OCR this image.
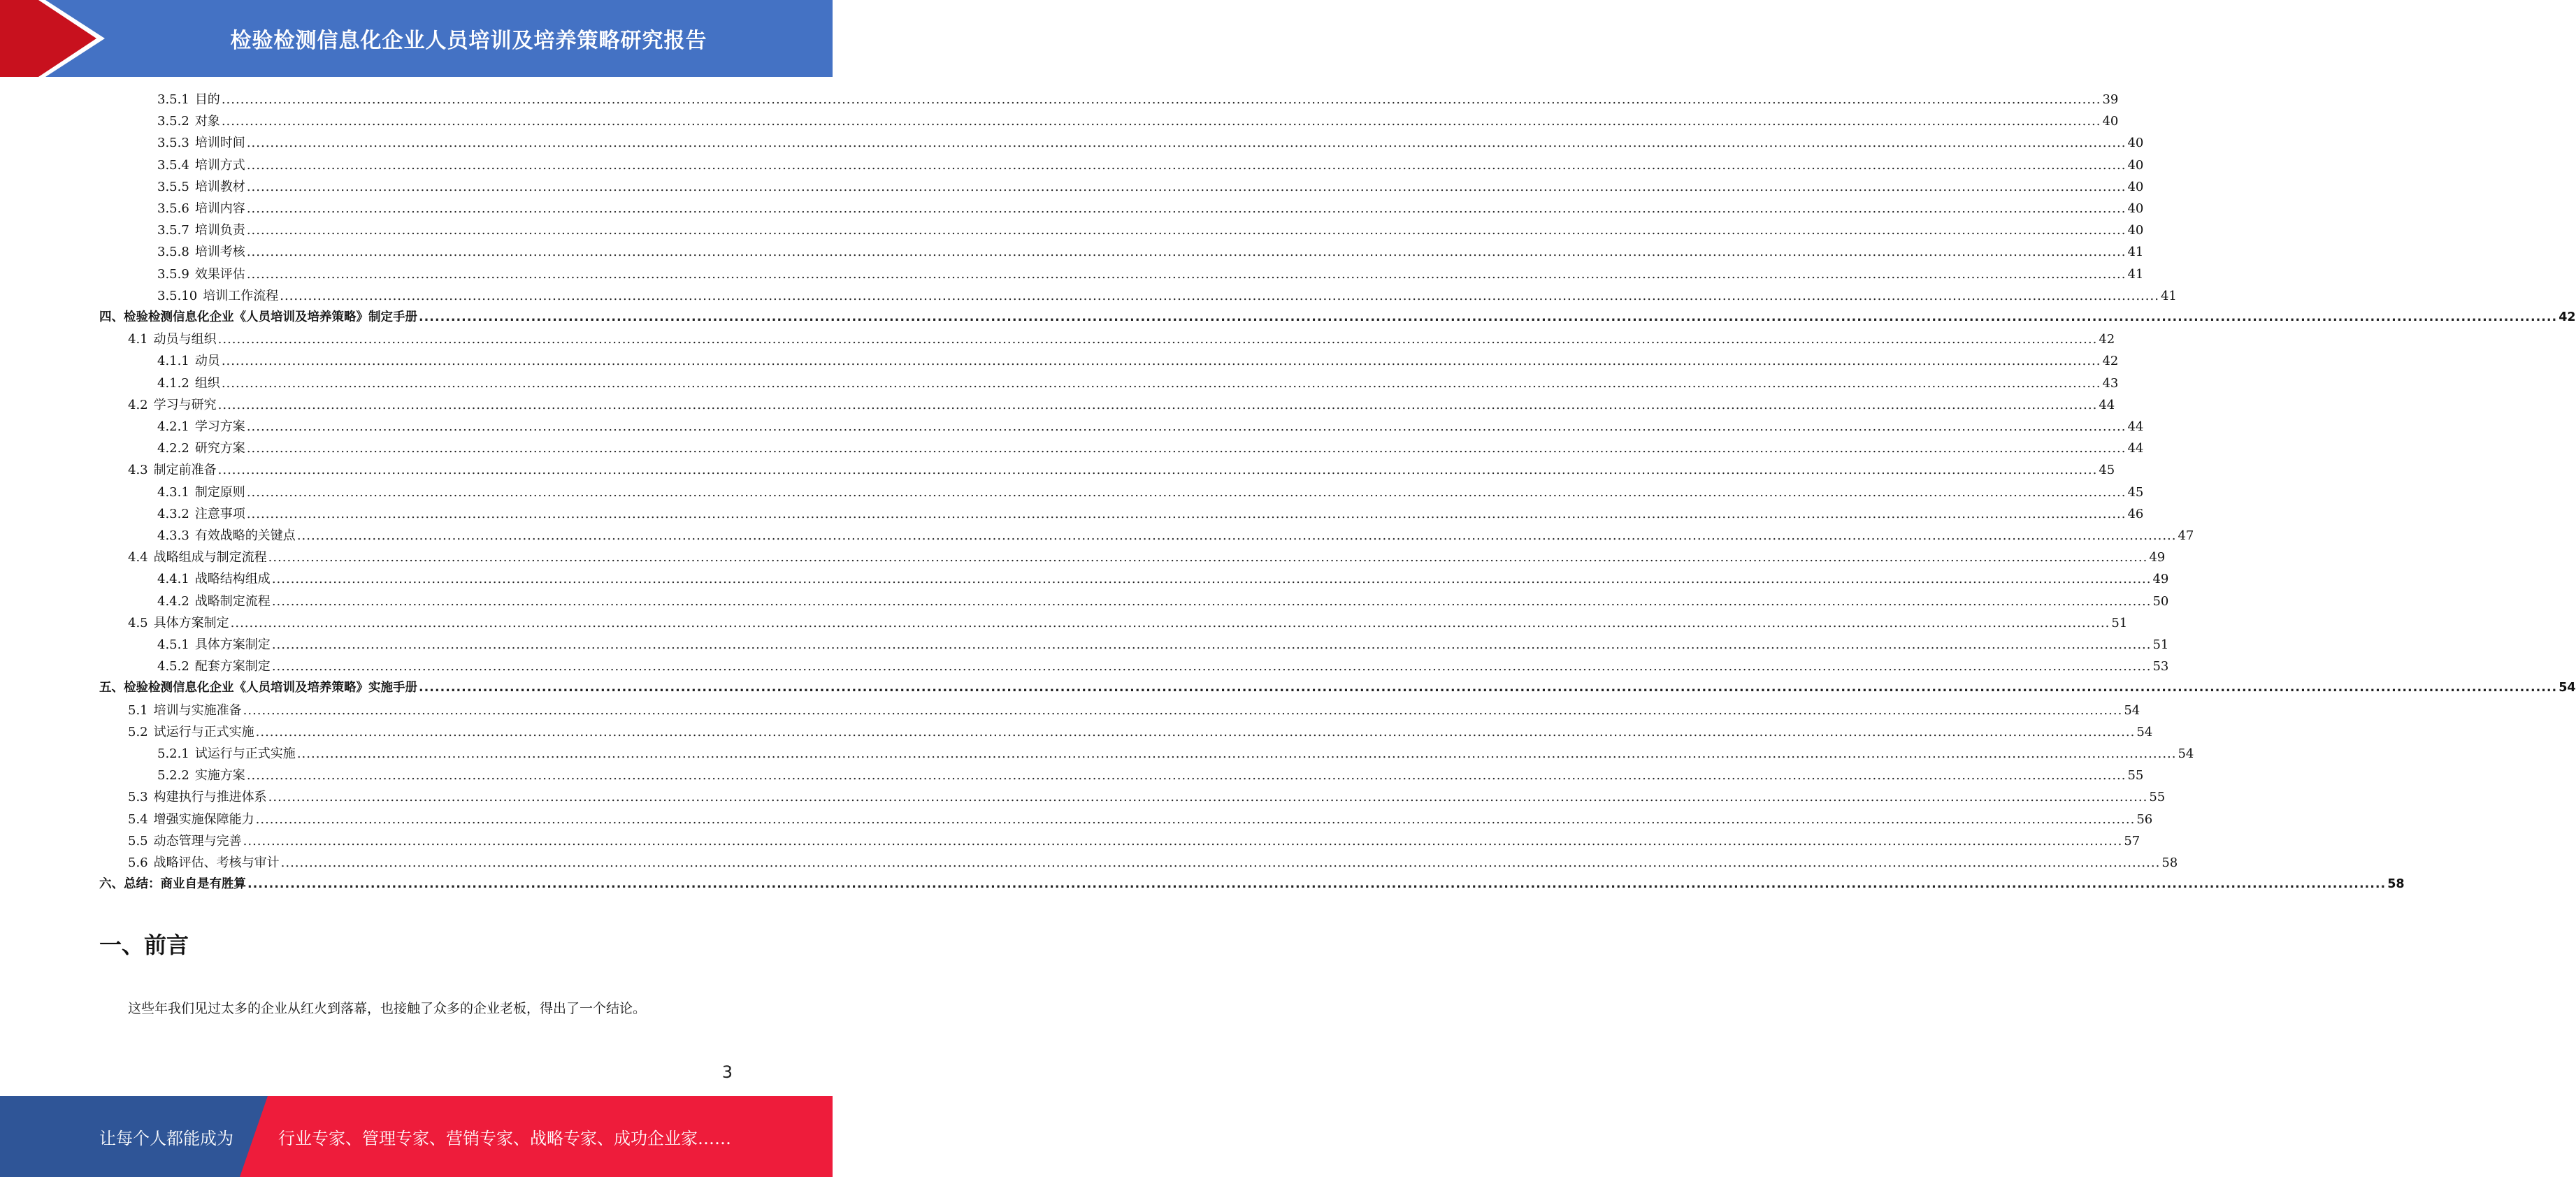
检验检测信息化企业人员培训及培养策略研究报告
3.5.1 目的 ................................................................................................................................................................................................................................................................................................................................................................................................................ 39
3.5.2 对象 ................................................................................................................................................................................................................................................................................................................................................................................................................ 40
3.5.3 培训时间 ................................................................................................................................................................................................................................................................................................................................................................................................................ 40
3.5.4 培训方式 ................................................................................................................................................................................................................................................................................................................................................................................................................ 40
3.5.5 培训教材 ................................................................................................................................................................................................................................................................................................................................................................................................................ 40
3.5.6 培训内容 ................................................................................................................................................................................................................................................................................................................................................................................................................ 40
3.5.7 培训负责 ................................................................................................................................................................................................................................................................................................................................................................................................................ 40
3.5.8 培训考核 ................................................................................................................................................................................................................................................................................................................................................................................................................ 41
3.5.9 效果评估 ................................................................................................................................................................................................................................................................................................................................................................................................................ 41
3.5.10 培训工作流程 ................................................................................................................................................................................................................................................................................................................................................................................................................ 41
四、检验检测信息化企业《人员培训及培养策略》制定手册 ................................................................................................................................................................................................................................................................................................................................................................................................................ 42
4.1 动员与组织 ................................................................................................................................................................................................................................................................................................................................................................................................................ 42
4.1.1 动员 ................................................................................................................................................................................................................................................................................................................................................................................................................ 42
4.1.2 组织 ................................................................................................................................................................................................................................................................................................................................................................................................................ 43
4.2 学习与研究 ................................................................................................................................................................................................................................................................................................................................................................................................................ 44
4.2.1 学习方案 ................................................................................................................................................................................................................................................................................................................................................................................................................ 44
4.2.2 研究方案 ................................................................................................................................................................................................................................................................................................................................................................................................................ 44
4.3 制定前准备 ................................................................................................................................................................................................................................................................................................................................................................................................................ 45
4.3.1 制定原则 ................................................................................................................................................................................................................................................................................................................................................................................................................ 45
4.3.2 注意事项 ................................................................................................................................................................................................................................................................................................................................................................................................................ 46
4.3.3 有效战略的关键点 ................................................................................................................................................................................................................................................................................................................................................................................................................ 47
4.4 战略组成与制定流程 ................................................................................................................................................................................................................................................................................................................................................................................................................ 49
4.4.1 战略结构组成 ................................................................................................................................................................................................................................................................................................................................................................................................................ 49
4.4.2 战略制定流程 ................................................................................................................................................................................................................................................................................................................................................................................................................ 50
4.5 具体方案制定 ................................................................................................................................................................................................................................................................................................................................................................................................................ 51
4.5.1 具体方案制定 ................................................................................................................................................................................................................................................................................................................................................................................................................ 51
4.5.2 配套方案制定 ................................................................................................................................................................................................................................................................................................................................................................................................................ 53
五、检验检测信息化企业《人员培训及培养策略》实施手册 ................................................................................................................................................................................................................................................................................................................................................................................................................ 54
5.1 培训与实施准备 ................................................................................................................................................................................................................................................................................................................................................................................................................ 54
5.2 试运行与正式实施 ................................................................................................................................................................................................................................................................................................................................................................................................................ 54
5.2.1 试运行与正式实施 ................................................................................................................................................................................................................................................................................................................................................................................................................ 54
5.2.2 实施方案 ................................................................................................................................................................................................................................................................................................................................................................................................................ 55
5.3 构建执行与推进体系 ................................................................................................................................................................................................................................................................................................................................................................................................................ 55
5.4 增强实施保障能力 ................................................................................................................................................................................................................................................................................................................................................................................................................ 56
5.5 动态管理与完善 ................................................................................................................................................................................................................................................................................................................................................................................................................ 57
5.6 战略评估、考核与审计 ................................................................................................................................................................................................................................................................................................................................................................................................................ 58
六、总结：商业自是有胜算 ................................................................................................................................................................................................................................................................................................................................................................................................................ 58
一、前言
这些年我们见过太多的企业从红火到落幕，也接触了众多的企业老板，得出了一个结论。
3
让每个人都能成为	行业专家、管理专家、营销专家、战略专家、成功企业家……
